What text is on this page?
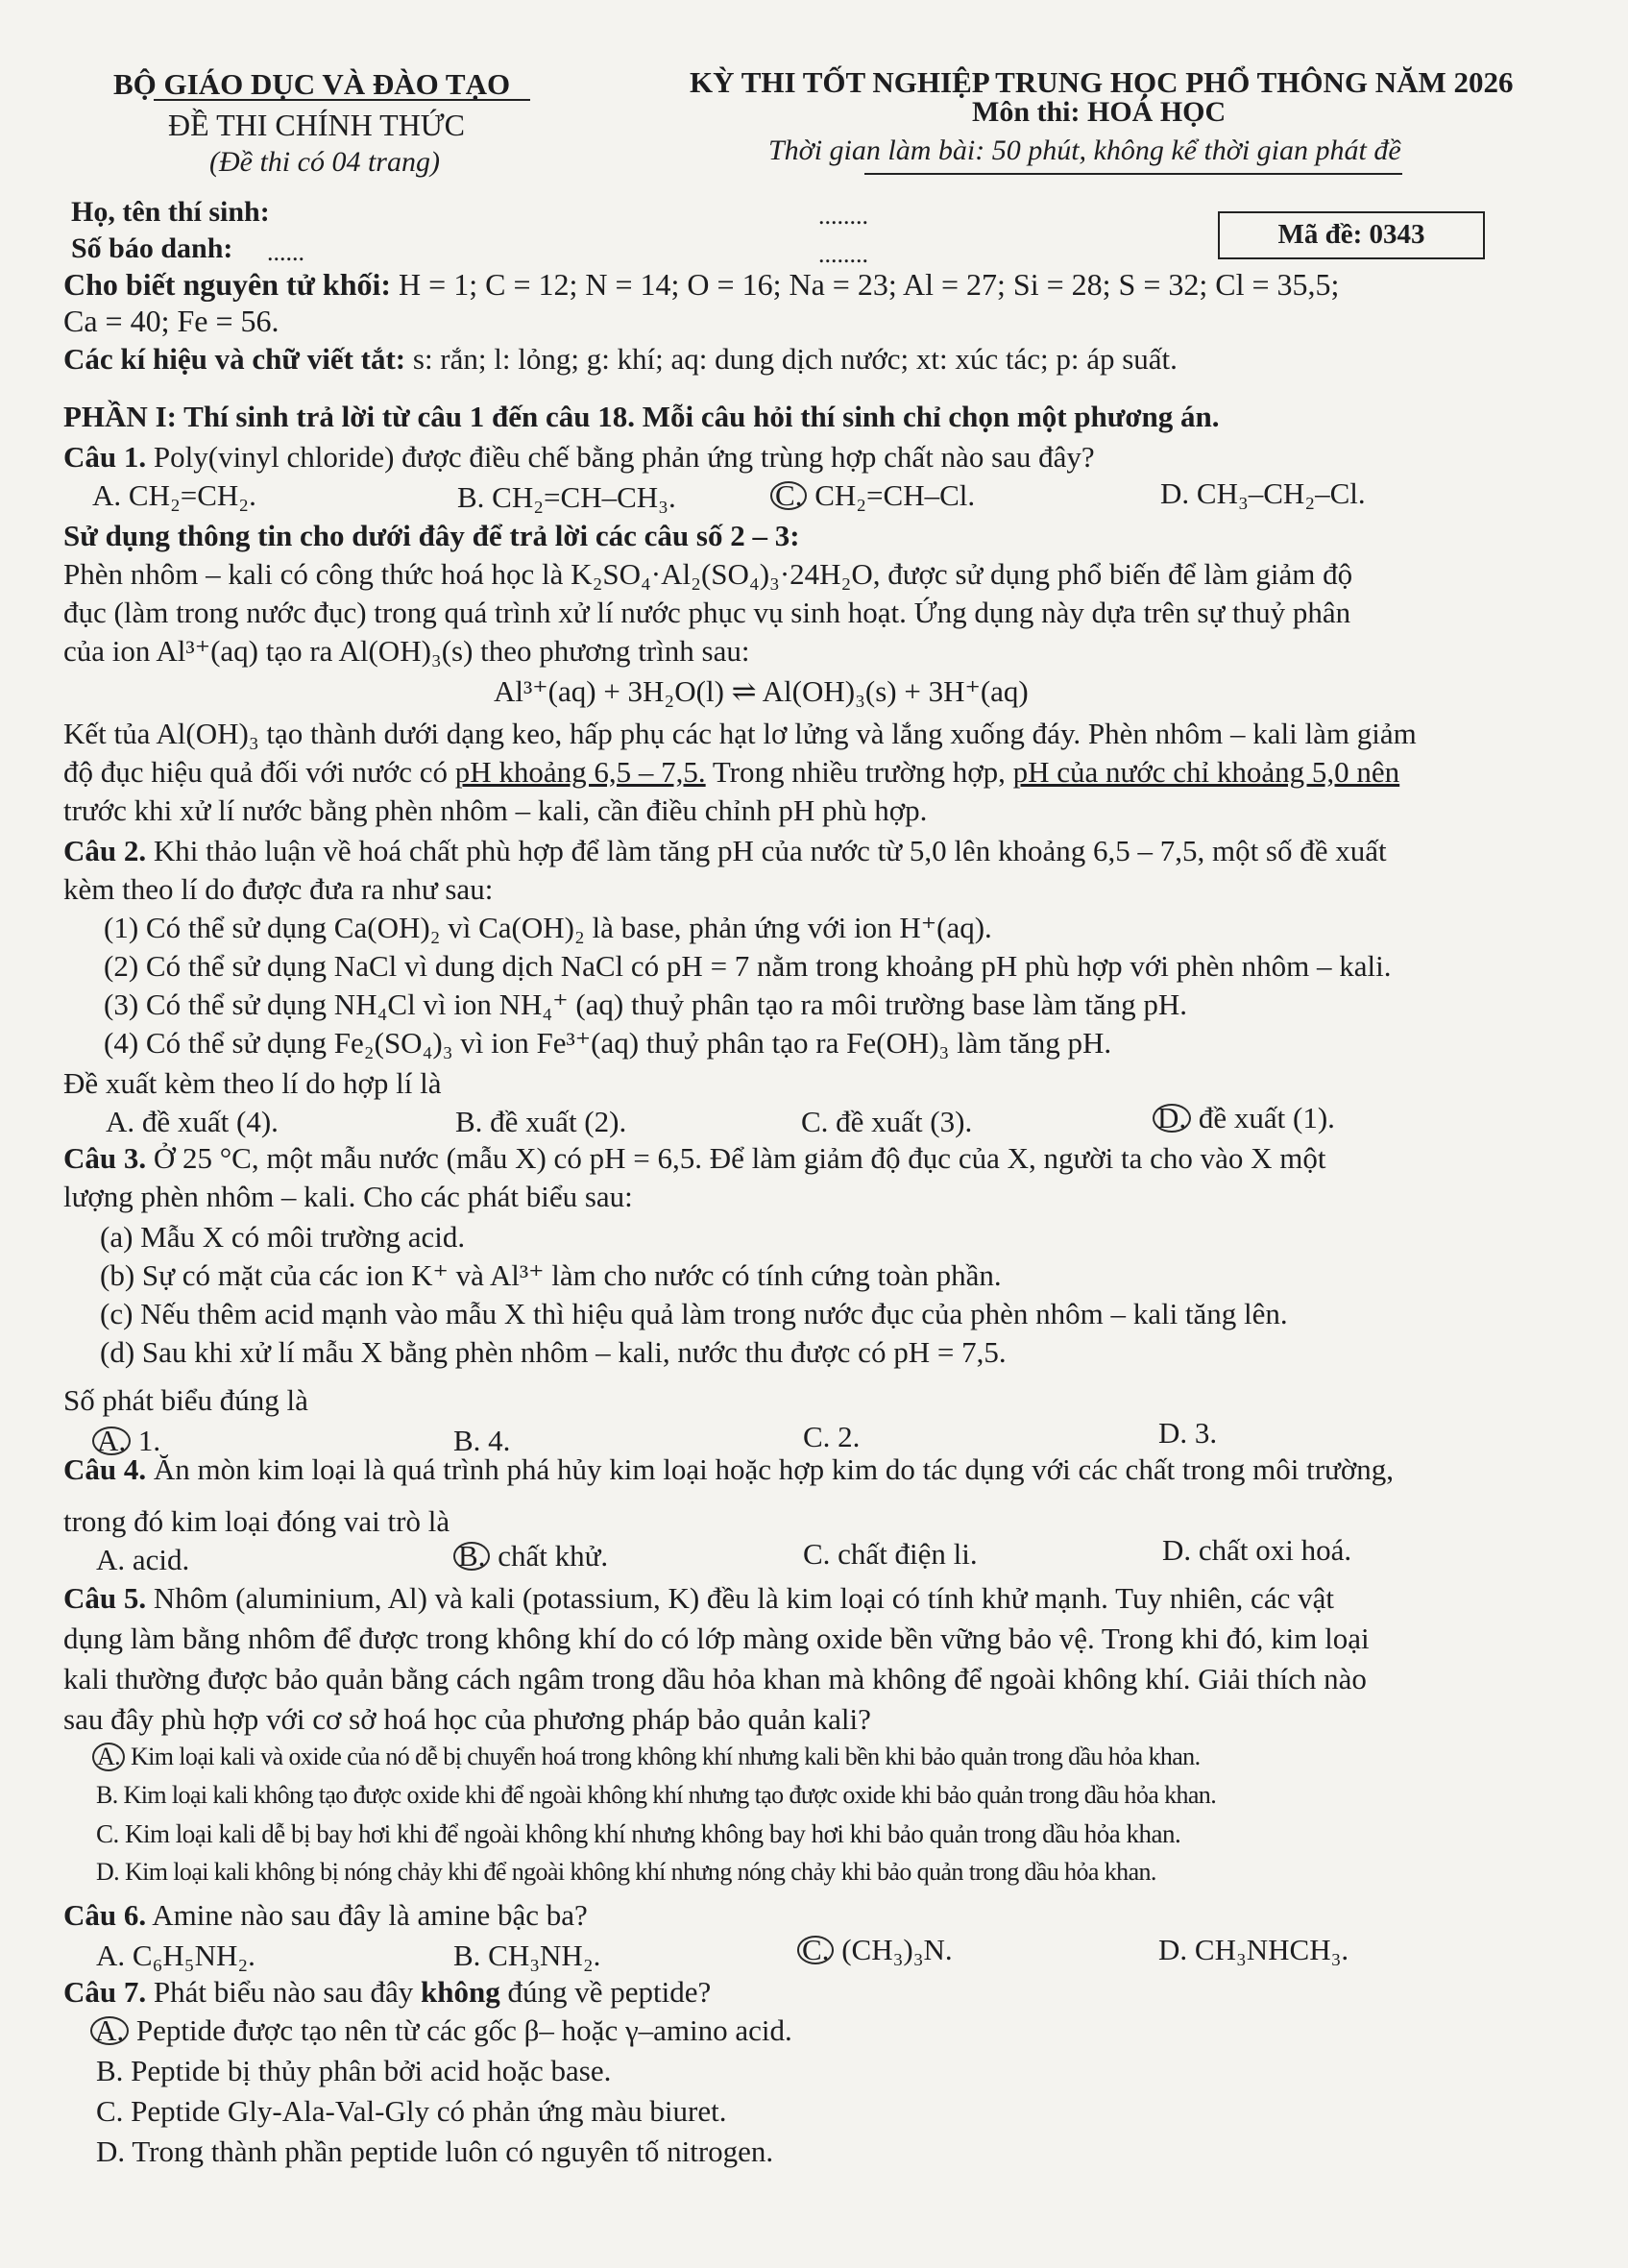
BỘ GIÁO DỤC VÀ ĐÀO TẠO
ĐỀ THI CHÍNH THỨC
(Đề thi có 04 trang)
KỲ THI TỐT NGHIỆP TRUNG HỌC PHỔ THÔNG NĂM 2026
Môn thi: HOÁ HỌC
Thời gian làm bài: 50 phút, không kể thời gian phát đề
Họ, tên thí sinh:	........
Số báo danh: ......	........
Mã đề: 0343
Cho biết nguyên tử khối: H = 1; C = 12; N = 14; O = 16; Na = 23; Al = 27; Si = 28; S = 32; Cl = 35,5;
Ca = 40; Fe = 56.
Các kí hiệu và chữ viết tắt: s: rắn; l: lỏng; g: khí; aq: dung dịch nước; xt: xúc tác; p: áp suất.
PHẦN I: Thí sinh trả lời từ câu 1 đến câu 18. Mỗi câu hỏi thí sinh chỉ chọn một phương án.
Câu 1. Poly(vinyl chloride) được điều chế bằng phản ứng trùng hợp chất nào sau đây?
A. CH₂=CH₂.	B. CH₂=CH–CH₃.	C. CH₂=CH–Cl.	D. CH₃–CH₂–Cl.
Sử dụng thông tin cho dưới đây để trả lời các câu số 2 – 3:
Phèn nhôm – kali có công thức hoá học là K₂SO₄·Al₂(SO₄)₃·24H₂O, được sử dụng phổ biến để làm giảm độ
đục (làm trong nước đục) trong quá trình xử lí nước phục vụ sinh hoạt. Ứng dụng này dựa trên sự thuỷ phân
của ion Al³⁺(aq) tạo ra Al(OH)₃(s) theo phương trình sau:
Al³⁺(aq) + 3H₂O(l) ⇌ Al(OH)₃(s) + 3H⁺(aq)
Kết tủa Al(OH)₃ tạo thành dưới dạng keo, hấp phụ các hạt lơ lửng và lắng xuống đáy. Phèn nhôm – kali làm giảm
độ đục hiệu quả đối với nước có pH khoảng 6,5 – 7,5. Trong nhiều trường hợp, pH của nước chỉ khoảng 5,0 nên
trước khi xử lí nước bằng phèn nhôm – kali, cần điều chỉnh pH phù hợp.
Câu 2. Khi thảo luận về hoá chất phù hợp để làm tăng pH của nước từ 5,0 lên khoảng 6,5 – 7,5, một số đề xuất
kèm theo lí do được đưa ra như sau:
(1) Có thể sử dụng Ca(OH)₂ vì Ca(OH)₂ là base, phản ứng với ion H⁺(aq).
(2) Có thể sử dụng NaCl vì dung dịch NaCl có pH = 7 nằm trong khoảng pH phù hợp với phèn nhôm – kali.
(3) Có thể sử dụng NH₄Cl vì ion NH₄⁺ (aq) thuỷ phân tạo ra môi trường base làm tăng pH.
(4) Có thể sử dụng Fe₂(SO₄)₃ vì ion Fe³⁺(aq) thuỷ phân tạo ra Fe(OH)₃ làm tăng pH.
Đề xuất kèm theo lí do hợp lí là
A. đề xuất (4).	B. đề xuất (2).	C. đề xuất (3).	D. đề xuất (1).
Câu 3. Ở 25 °C, một mẫu nước (mẫu X) có pH = 6,5. Để làm giảm độ đục của X, người ta cho vào X một
lượng phèn nhôm – kali. Cho các phát biểu sau:
(a) Mẫu X có môi trường acid.
(b) Sự có mặt của các ion K⁺ và Al³⁺ làm cho nước có tính cứng toàn phần.
(c) Nếu thêm acid mạnh vào mẫu X thì hiệu quả làm trong nước đục của phèn nhôm – kali tăng lên.
(d) Sau khi xử lí mẫu X bằng phèn nhôm – kali, nước thu được có pH = 7,5.
Số phát biểu đúng là
A. 1.	B. 4.	C. 2.	D. 3.
Câu 4. Ăn mòn kim loại là quá trình phá hủy kim loại hoặc hợp kim do tác dụng với các chất trong môi trường,
trong đó kim loại đóng vai trò là
A. acid.	B. chất khử.	C. chất điện li.	D. chất oxi hoá.
Câu 5. Nhôm (aluminium, Al) và kali (potassium, K) đều là kim loại có tính khử mạnh. Tuy nhiên, các vật
dụng làm bằng nhôm để được trong không khí do có lớp màng oxide bền vững bảo vệ. Trong khi đó, kim loại
kali thường được bảo quản bằng cách ngâm trong dầu hỏa khan mà không để ngoài không khí. Giải thích nào
sau đây phù hợp với cơ sở hoá học của phương pháp bảo quản kali?
A. Kim loại kali và oxide của nó dễ bị chuyển hoá trong không khí nhưng kali bền khi bảo quản trong dầu hỏa khan.
B. Kim loại kali không tạo được oxide khi để ngoài không khí nhưng tạo được oxide khi bảo quản trong dầu hỏa khan.
C. Kim loại kali dễ bị bay hơi khi để ngoài không khí nhưng không bay hơi khi bảo quản trong dầu hỏa khan.
D. Kim loại kali không bị nóng chảy khi để ngoài không khí nhưng nóng chảy khi bảo quản trong dầu hỏa khan.
Câu 6. Amine nào sau đây là amine bậc ba?
A. C₆H₅NH₂.	B. CH₃NH₂.	C. (CH₃)₃N.	D. CH₃NHCH₃.
Câu 7. Phát biểu nào sau đây không đúng về peptide?
A. Peptide được tạo nên từ các gốc β– hoặc γ–amino acid.
B. Peptide bị thủy phân bởi acid hoặc base.
C. Peptide Gly-Ala-Val-Gly có phản ứng màu biuret.
D. Trong thành phần peptide luôn có nguyên tố nitrogen.
